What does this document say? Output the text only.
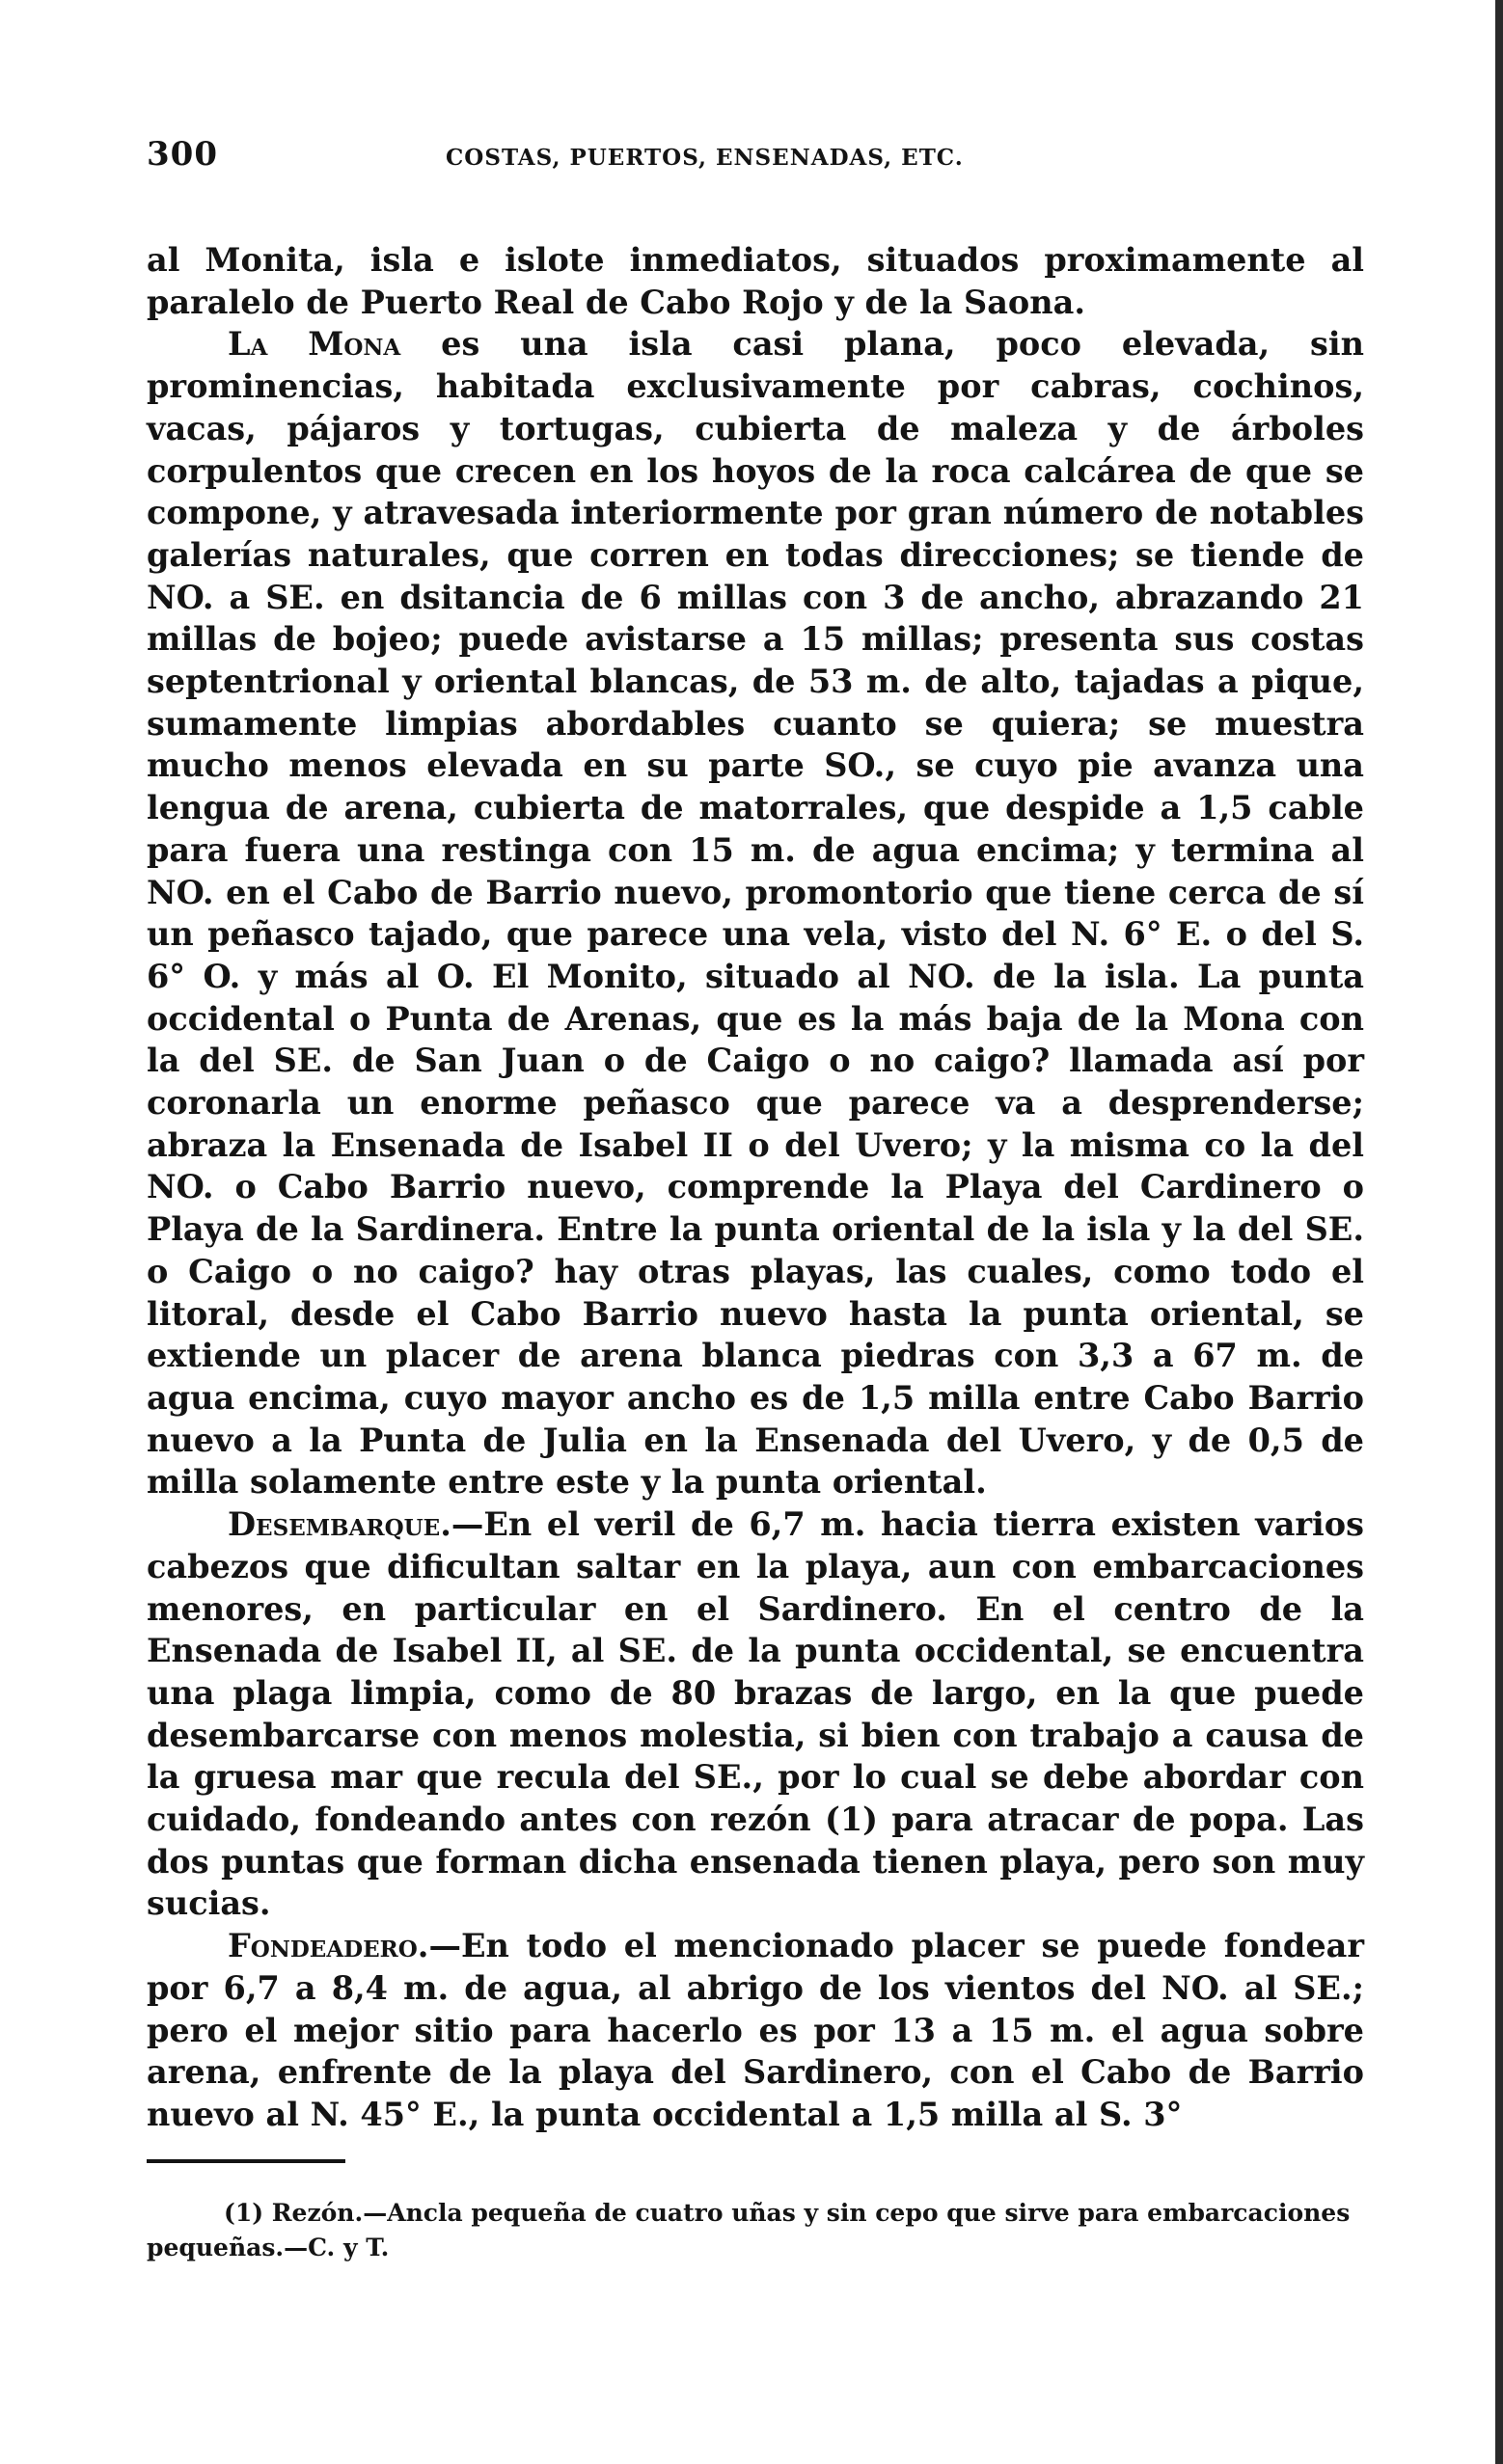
300	COSTAS, PUERTOS, ENSENADAS, ETC.

al Monita, isla e islote inmediatos, situados proximamente al paralelo de Puerto Real de Cabo Rojo y de la Saona.

La Mona es una isla casi plana, poco elevada, sin prominencias, habitada exclusivamente por cabras, cochinos, vacas, pájaros y tortugas, cubierta de maleza y de árboles corpulentos que crecen en los hoyos de la roca calcárea de que se compone, y atravesada interiormente por gran número de notables galerías naturales, que corren en todas direcciones; se tiende de NO. a SE. en dsitancia de 6 millas con 3 de ancho, abrazando 21 millas de bojeo; puede avistarse a 15 millas; presenta sus costas septentrional y oriental blancas, de 53 m. de alto, tajadas a pique, sumamente limpias abordables cuanto se quiera; se muestra mucho menos elevada en su parte SO., se cuyo pie avanza una lengua de arena, cubierta de matorrales, que despide a 1,5 cable para fuera una restinga con 15 m. de agua encima; y termina al NO. en el Cabo de Barrio nuevo, promontorio que tiene cerca de sí un peñasco tajado, que parece una vela, visto del N. 6° E. o del S. 6° O. y más al O. El Monito, situado al NO. de la isla. La punta occidental o Punta de Arenas, que es la más baja de la Mona con la del SE. de San Juan o de Caigo o no caigo? llamada así por coronarla un enorme peñasco que parece va a desprenderse; abraza la Ensenada de Isabel II o del Uvero; y la misma co la del NO. o Cabo Barrio nuevo, comprende la Playa del Cardinero o Playa de la Sardinera. Entre la punta oriental de la isla y la del SE. o Caigo o no caigo? hay otras playas, las cuales, como todo el litoral, desde el Cabo Barrio nuevo hasta la punta oriental, se extiende un placer de arena blanca piedras con 3,3 a 67 m. de agua encima, cuyo mayor ancho es de 1,5 milla entre Cabo Barrio nuevo a la Punta de Julia en la Ensenada del Uvero, y de 0,5 de milla solamente entre este y la punta oriental.

Desembarque.—En el veril de 6,7 m. hacia tierra existen varios cabezos que dificultan saltar en la playa, aun con embarcaciones menores, en particular en el Sardinero. En el centro de la Ensenada de Isabel II, al SE. de la punta occidental, se encuentra una plaga limpia, como de 80 brazas de largo, en la que puede desembarcarse con menos molestia, si bien con trabajo a causa de la gruesa mar que recula del SE., por lo cual se debe abordar con cuidado, fondeando antes con rezón (1) para atracar de popa. Las dos puntas que forman dicha ensenada tienen playa, pero son muy sucias.

Fondeadero.—En todo el mencionado placer se puede fondear por 6,7 a 8,4 m. de agua, al abrigo de los vientos del NO. al SE.; pero el mejor sitio para hacerlo es por 13 a 15 m. el agua sobre arena, enfrente de la playa del Sardinero, con el Cabo de Barrio nuevo al N. 45° E., la punta occidental a 1,5 milla al S. 3°

(1) Rezón.—Ancla pequeña de cuatro uñas y sin cepo que sirve para embarcaciones pequeñas.—C. y T.
